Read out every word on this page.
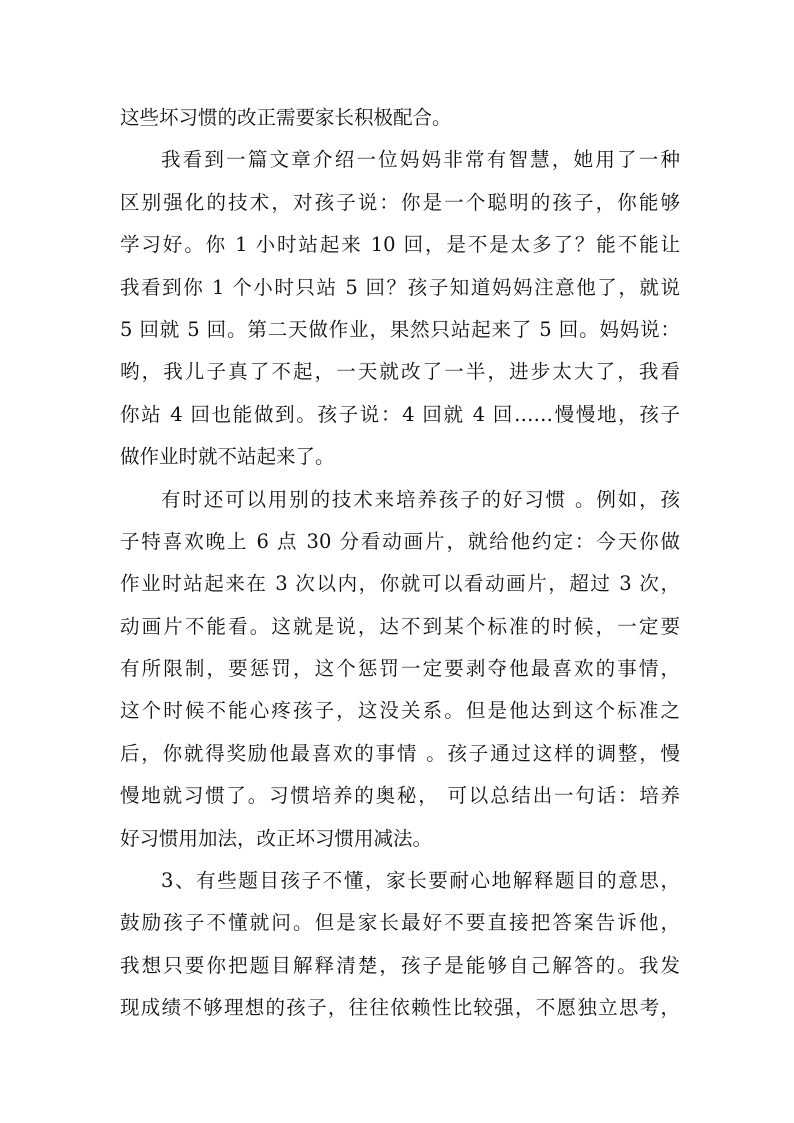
这些坏习惯的改正需要家长积极配合。
我看到一篇文章介绍一位妈妈非常有智慧，她用了一种
区别强化的技术，对孩子说：你是一个聪明的孩子，你能够
学习好。你 1 小时站起来 10 回，是不是太多了？能不能让
我看到你 1 个小时只站 5 回？孩子知道妈妈注意他了，就说
5 回就 5 回。第二天做作业，果然只站起来了 5 回。妈妈说：
哟，我儿子真了不起，一天就改了一半，进步太大了，我看
你站 4 回也能做到。孩子说：4 回就 4 回……慢慢地，孩子
做作业时就不站起来了。
有时还可以用别的技术来培养孩子的好习惯 。例如，孩
子特喜欢晚上 6 点 30 分看动画片，就给他约定：今天你做
作业时站起来在 3 次以内，你就可以看动画片，超过 3 次，
动画片不能看。这就是说，达不到某个标准的时候，一定要
有所限制，要惩罚，这个惩罚一定要剥夺他最喜欢的事情，
这个时候不能心疼孩子，这没关系。但是他达到这个标准之
后，你就得奖励他最喜欢的事情 。孩子通过这样的调整，慢
慢地就习惯了。习惯培养的奥秘， 可以总结出一句话：培养
好习惯用加法，改正坏习惯用减法。
3、有些题目孩子不懂，家长要耐心地解释题目的意思，
鼓励孩子不懂就问。但是家长最好不要直接把答案告诉他，
我想只要你把题目解释清楚，孩子是能够自己解答的。我发
现成绩不够理想的孩子，往往依赖性比较强，不愿独立思考，
